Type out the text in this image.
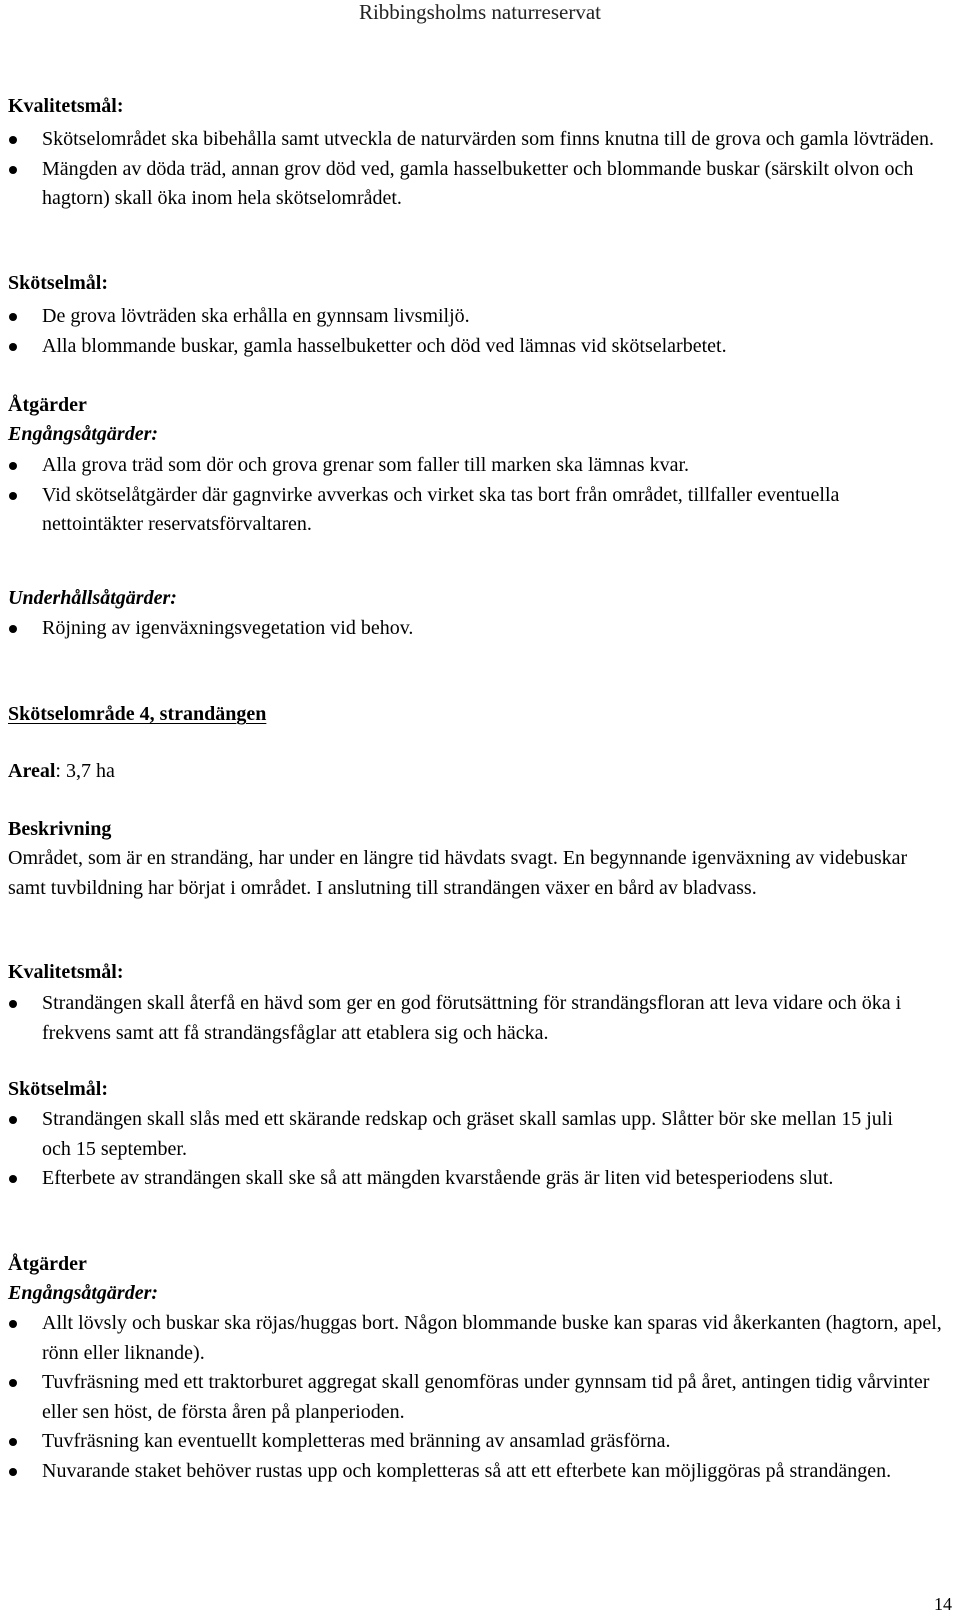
Ribbingsholms naturreservat
Kvalitetsmål:
Skötselområdet ska bibehålla samt utveckla de naturvärden som finns knutna till de grova och gamla lövträden.
Mängden av döda träd, annan grov död ved, gamla hasselbuketter och blommande buskar (särskilt olvon och hagtorn) skall öka inom hela skötselområdet.
Skötselmål:
De grova lövträden ska erhålla en gynnsam livsmiljö.
Alla blommande buskar, gamla hasselbuketter och död ved lämnas vid skötselarbetet.
Åtgärder
Engångsåtgärder:
Alla grova träd som dör och grova grenar som faller till marken ska lämnas kvar.
Vid skötselåtgärder där gagnvirke avverkas och virket ska tas bort från området, tillfaller eventuella nettointäkter reservatsförvaltaren.
Underhållsåtgärder:
Röjning av igenväxningsvegetation vid behov.
Skötselområde 4, strandängen

Areal: 3,7 ha

Beskrivning

Området, som är en strandäng, har under en längre tid hävdats svagt. En begynnande igenväxning av videbuskar samt tuvbildning har börjat i området. I anslutning till strandängen växer en bård av bladvass.

Kvalitetsmål:
Strandängen skall återfå en hävd som ger en god förutsättning för strandängsfloran att leva vidare och öka i frekvens samt att få strandängsfåglar att etablera sig och häcka.
Skötselmål:
Strandängen skall slås med ett skärande redskap och gräset skall samlas upp. Slåtter bör ske mellan 15 juli och 15 september.
Efterbete av strandängen skall ske så att mängden kvarstående gräs är liten vid betesperiodens slut.
Åtgärder
Engångsåtgärder:
Allt lövsly och buskar ska röjas/huggas bort. Någon blommande buske kan sparas vid åkerkanten (hagtorn, apel, rönn eller liknande).
Tuvfräsning med ett traktorburet aggregat skall genomföras under gynnsam tid på året, antingen tidig vårvinter eller sen höst, de första åren på planperioden.
Tuvfräsning kan eventuellt kompletteras med bränning av ansamlad gräsförna.
Nuvarande staket behöver rustas upp och kompletteras så att ett efterbete kan möjliggöras på strandängen.
14
